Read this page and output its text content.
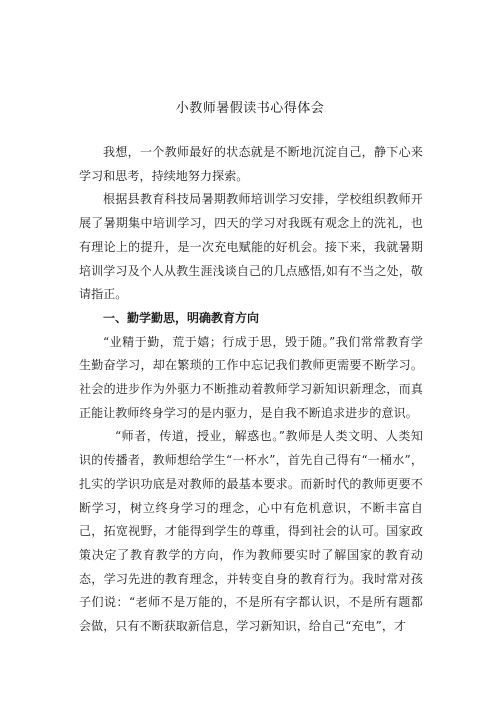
小教师暑假读书心得体会

我想，一个教师最好的状态就是不断地沉淀自己，静下心来学习和思考，持续地努力探索。

根据县教育科技局暑期教师培训学习安排，学校组织教师开展了暑期集中培训学习，四天的学习对我既有观念上的洗礼，也有理论上的提升，是一次充电赋能的好机会。接下来，我就暑期培训学习及个人从教生涯浅谈自己的几点感悟,如有不当之处，敬请指正。

一、勤学勤思，明确教育方向

“业精于勤，荒于嬉；行成于思，毁于随。”我们常常教育学生勤奋学习，却在繁琐的工作中忘记我们教师更需要不断学习。社会的进步作为外驱力不断推动着教师学习新知识新理念，而真正能让教师终身学习的是内驱力，是自我不断追求进步的意识。

“师者，传道，授业，解惑也。”教师是人类文明、人类知识的传播者，教师想给学生“一杯水”，首先自己得有“一桶水”，扎实的学识功底是对教师的最基本要求。而新时代的教师更要不断学习，树立终身学习的理念，心中有危机意识，不断丰富自己，拓宽视野，才能得到学生的尊重，得到社会的认可。国家政策决定了教育教学的方向，作为教师要实时了解国家的教育动态，学习先进的教育理念，并转变自身的教育行为。我时常对孩子们说：“老师不是万能的，不是所有字都认识，不是所有题都会做，只有不断获取新信息，学习新知识，给自己“充电”，才
